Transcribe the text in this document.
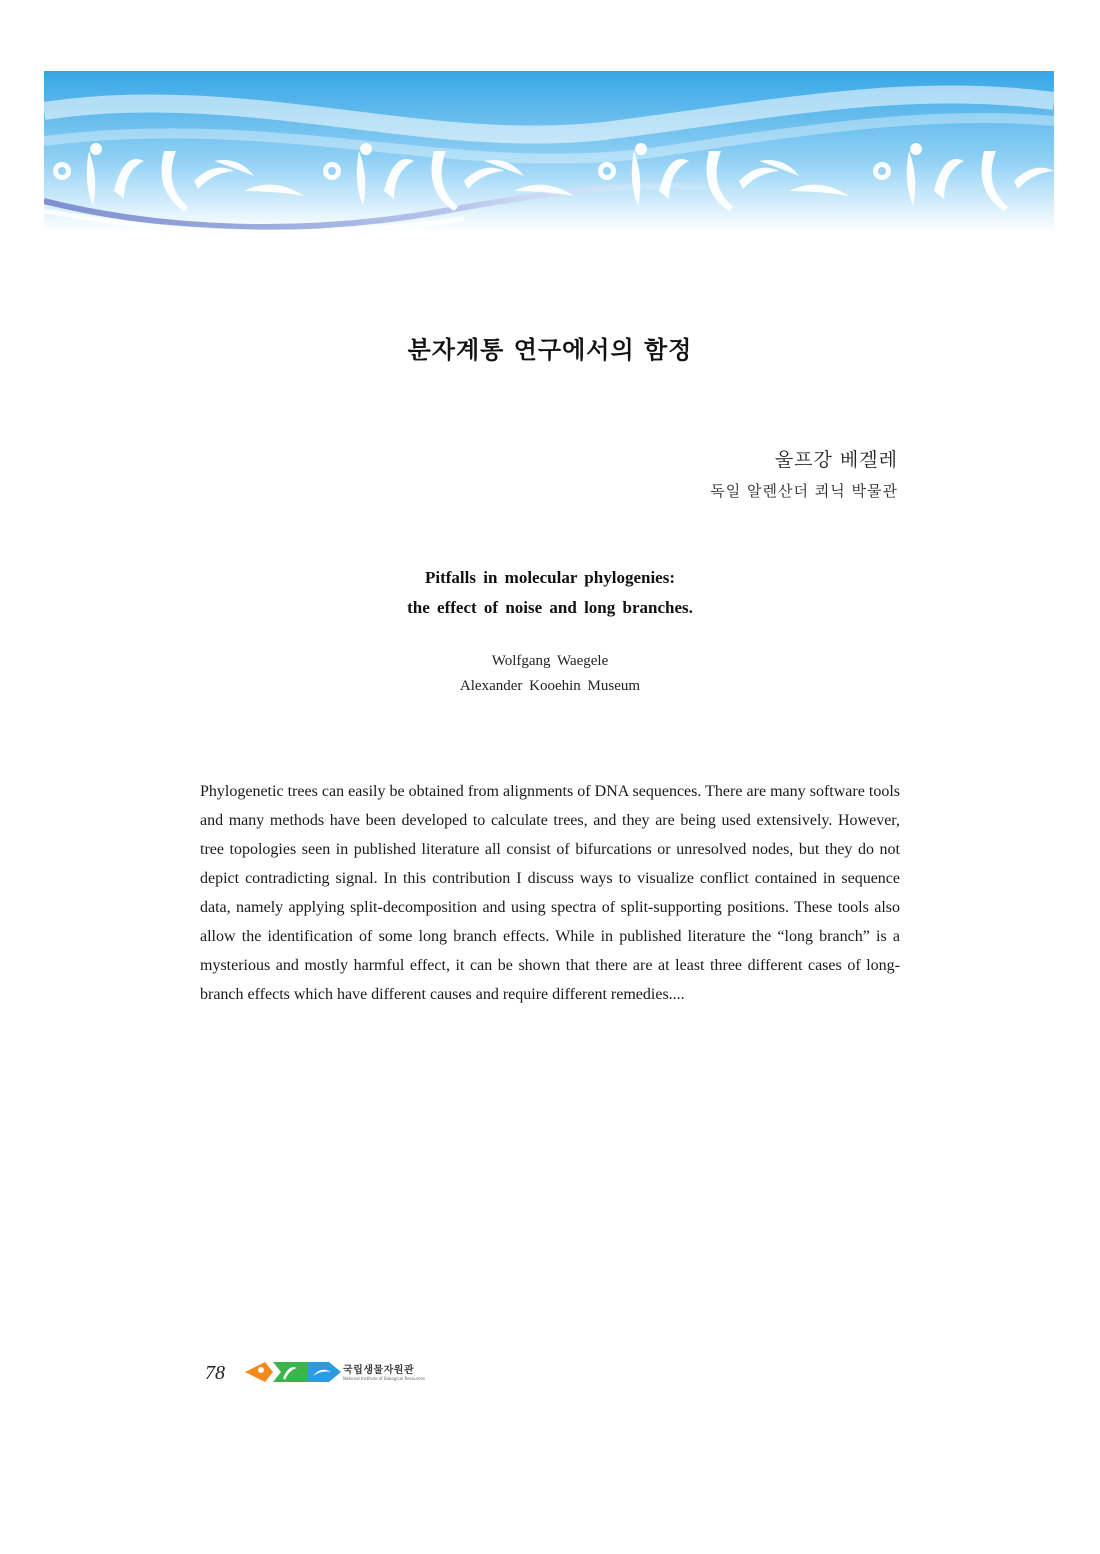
분자계통 연구에서의 함정
울프강 베겔레
독일 알렌산더 쾨닉 박물관
Pitfalls in molecular phylogenies:
the effect of noise and long branches.
Wolfgang Waegele
Alexander Kooehin Museum

Phylogenetic trees can easily be obtained from alignments of DNA sequences. There are many software tools and many methods have been developed to calculate trees, and they are being used extensively. However, tree topologies seen in published literature all consist of bifurcations or unresolved nodes, but they do not depict contradicting signal. In this contribution I discuss ways to visualize conflict contained in sequence data, namely applying split-decomposition and using spectra of split-supporting positions. These tools also allow the identification of some long branch effects. While in published literature the “long branch” is a mysterious and mostly harmful effect, it can be shown that there are at least three different cases of long-branch effects which have different causes and require different remedies....

78	국립생물자원관
National Institute of Biological Resources
